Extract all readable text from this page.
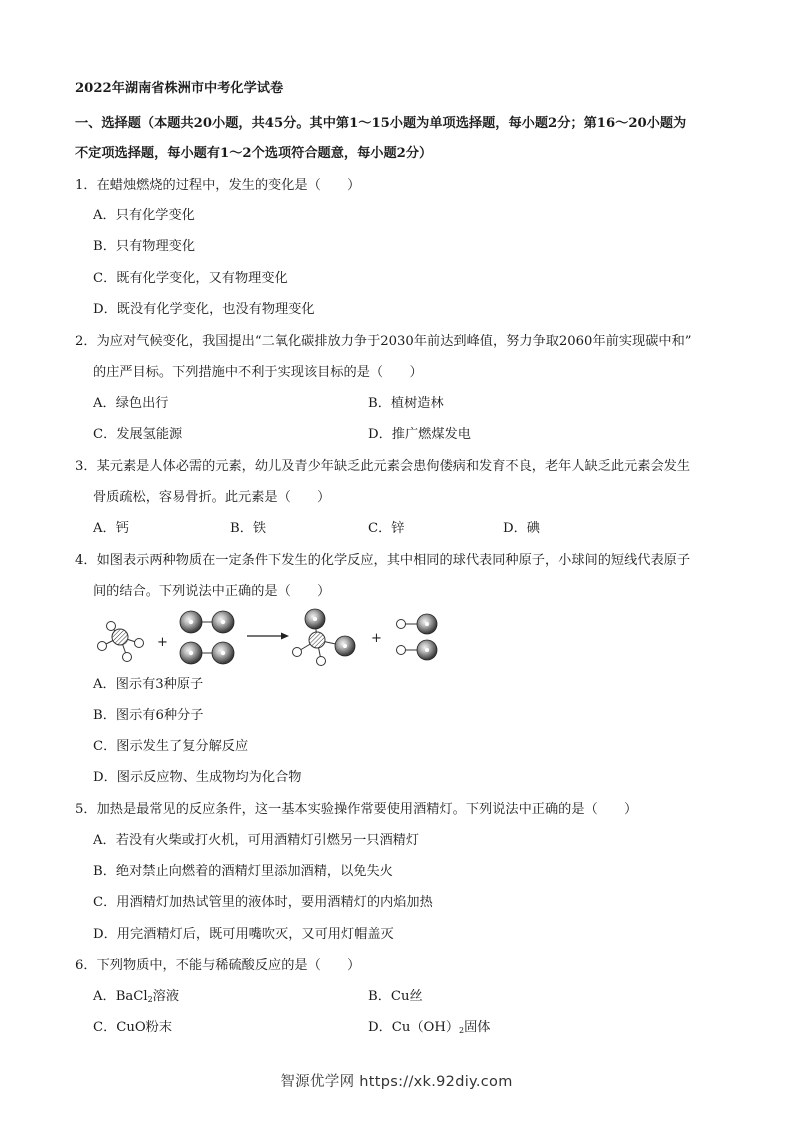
2022年湖南省株洲市中考化学试卷
一、选择题（本题共20小题，共45分。其中第1～15小题为单项选择题，每小题2分；第16～20小题为
不定项选择题，每小题有1～2个选项符合题意，每小题2分）
1．在蜡烛燃烧的过程中，发生的变化是（　　）
A．只有化学变化
B．只有物理变化
C．既有化学变化，又有物理变化
D．既没有化学变化，也没有物理变化
2．为应对气候变化，我国提出“二氧化碳排放力争于2030年前达到峰值，努力争取2060年前实现碳中和”
的庄严目标。下列措施中不利于实现该目标的是（　　）
A．绿色出行	B．植树造林
C．发展氢能源	D．推广燃煤发电
3．某元素是人体必需的元素，幼儿及青少年缺乏此元素会患佝偻病和发育不良，老年人缺乏此元素会发生
骨质疏松，容易骨折。此元素是（　　）
A．钙	B．铁	C．锌	D．碘
4．如图表示两种物质在一定条件下发生的化学反应，其中相同的球代表同种原子，小球间的短线代表原子
间的结合。下列说法中正确的是（　　）
+	+
A．图示有3种原子
B．图示有6种分子
C．图示发生了复分解反应
D．图示反应物、生成物均为化合物
5．加热是最常见的反应条件，这一基本实验操作常要使用酒精灯。下列说法中正确的是（　　）
A．若没有火柴或打火机，可用酒精灯引燃另一只酒精灯
B．绝对禁止向燃着的酒精灯里添加酒精，以免失火
C．用酒精灯加热试管里的液体时，要用酒精灯的内焰加热
D．用完酒精灯后，既可用嘴吹灭，又可用灯帽盖灭
6．下列物质中，不能与稀硫酸反应的是（　　）
A．BaCl$_2$溶液	B．Cu丝
C．CuO粉末	D．$Cu(OH)_2$固体
智源优学网 https://xk.92diy.com
